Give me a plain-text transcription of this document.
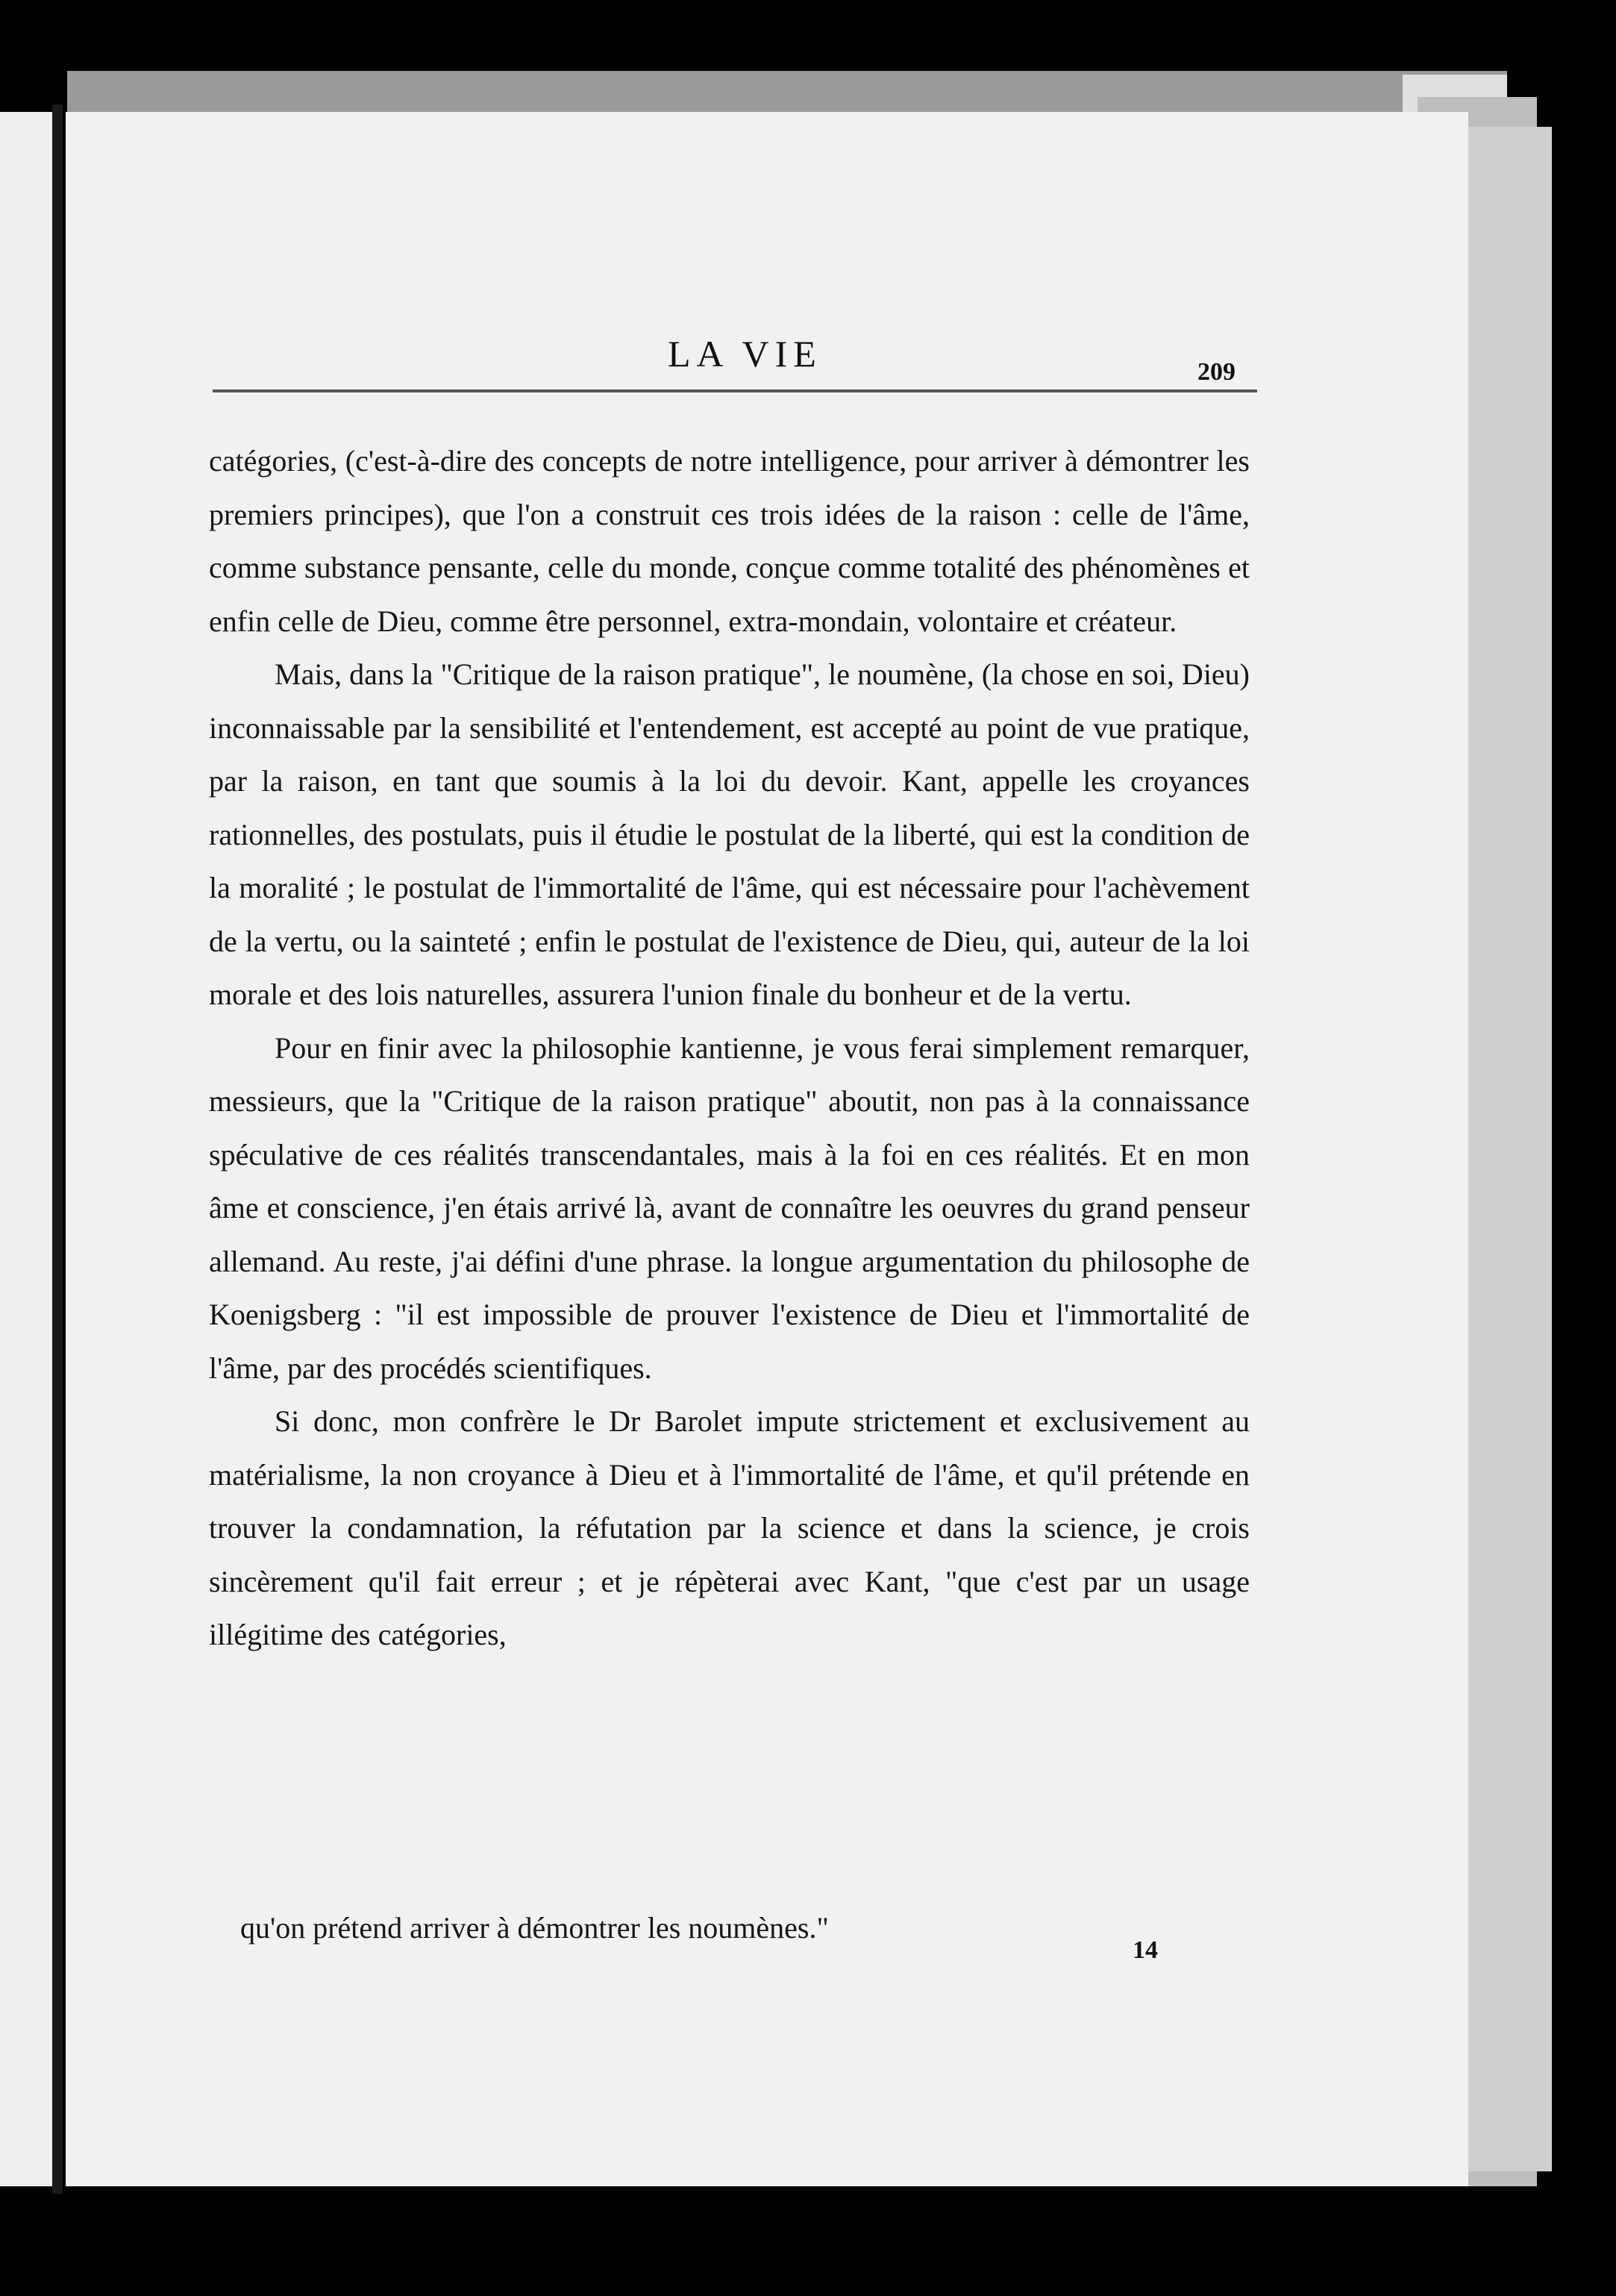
LA VIE	209

catégories, (c'est-à-dire des concepts de notre intelligence, pour arriver à démontrer les premiers principes), que l'on a construit ces trois idées de la raison : celle de l'âme, comme substance pensante, celle du monde, conçue comme totalité des phénomènes et enfin celle de Dieu, comme être personnel, extra-mondain, volontaire et créateur.

Mais, dans la "Critique de la raison pratique", le noumène, (la chose en soi, Dieu) inconnaissable par la sensibilité et l'entendement, est accepté au point de vue pratique, par la raison, en tant que soumis à la loi du devoir. Kant, appelle les croyances rationnelles, des postulats, puis il étudie le postulat de la liberté, qui est la condition de la moralité ; le postulat de l'immortalité de l'âme, qui est nécessaire pour l'achèvement de la vertu, ou la sainteté ; enfin le postulat de l'existence de Dieu, qui, auteur de la loi morale et des lois naturelles, assurera l'union finale du bonheur et de la vertu.

Pour en finir avec la philosophie kantienne, je vous ferai simplement remarquer, messieurs, que la "Critique de la raison pratique" aboutit, non pas à la connaissance spéculative de ces réalités transcendantales, mais à la foi en ces réalités. Et en mon âme et conscience, j'en étais arrivé là, avant de connaître les oeuvres du grand penseur allemand. Au reste, j'ai défini d'une phrase. la longue argumentation du philosophe de Koenigsberg : "il est impossible de prouver l'existence de Dieu et l'immortalité de l'âme, par des procédés scientifiques.

Si donc, mon confrère le Dr Barolet impute strictement et exclusivement au matérialisme, la non croyance à Dieu et à l'immortalité de l'âme, et qu'il prétende en trouver la condamnation, la réfutation par la science et dans la science, je crois sincèrement qu'il fait erreur ; et je répèterai avec Kant, "que c'est par un usage illégitime des catégories,

qu'on prétend arriver à démontrer les noumènes."
14
